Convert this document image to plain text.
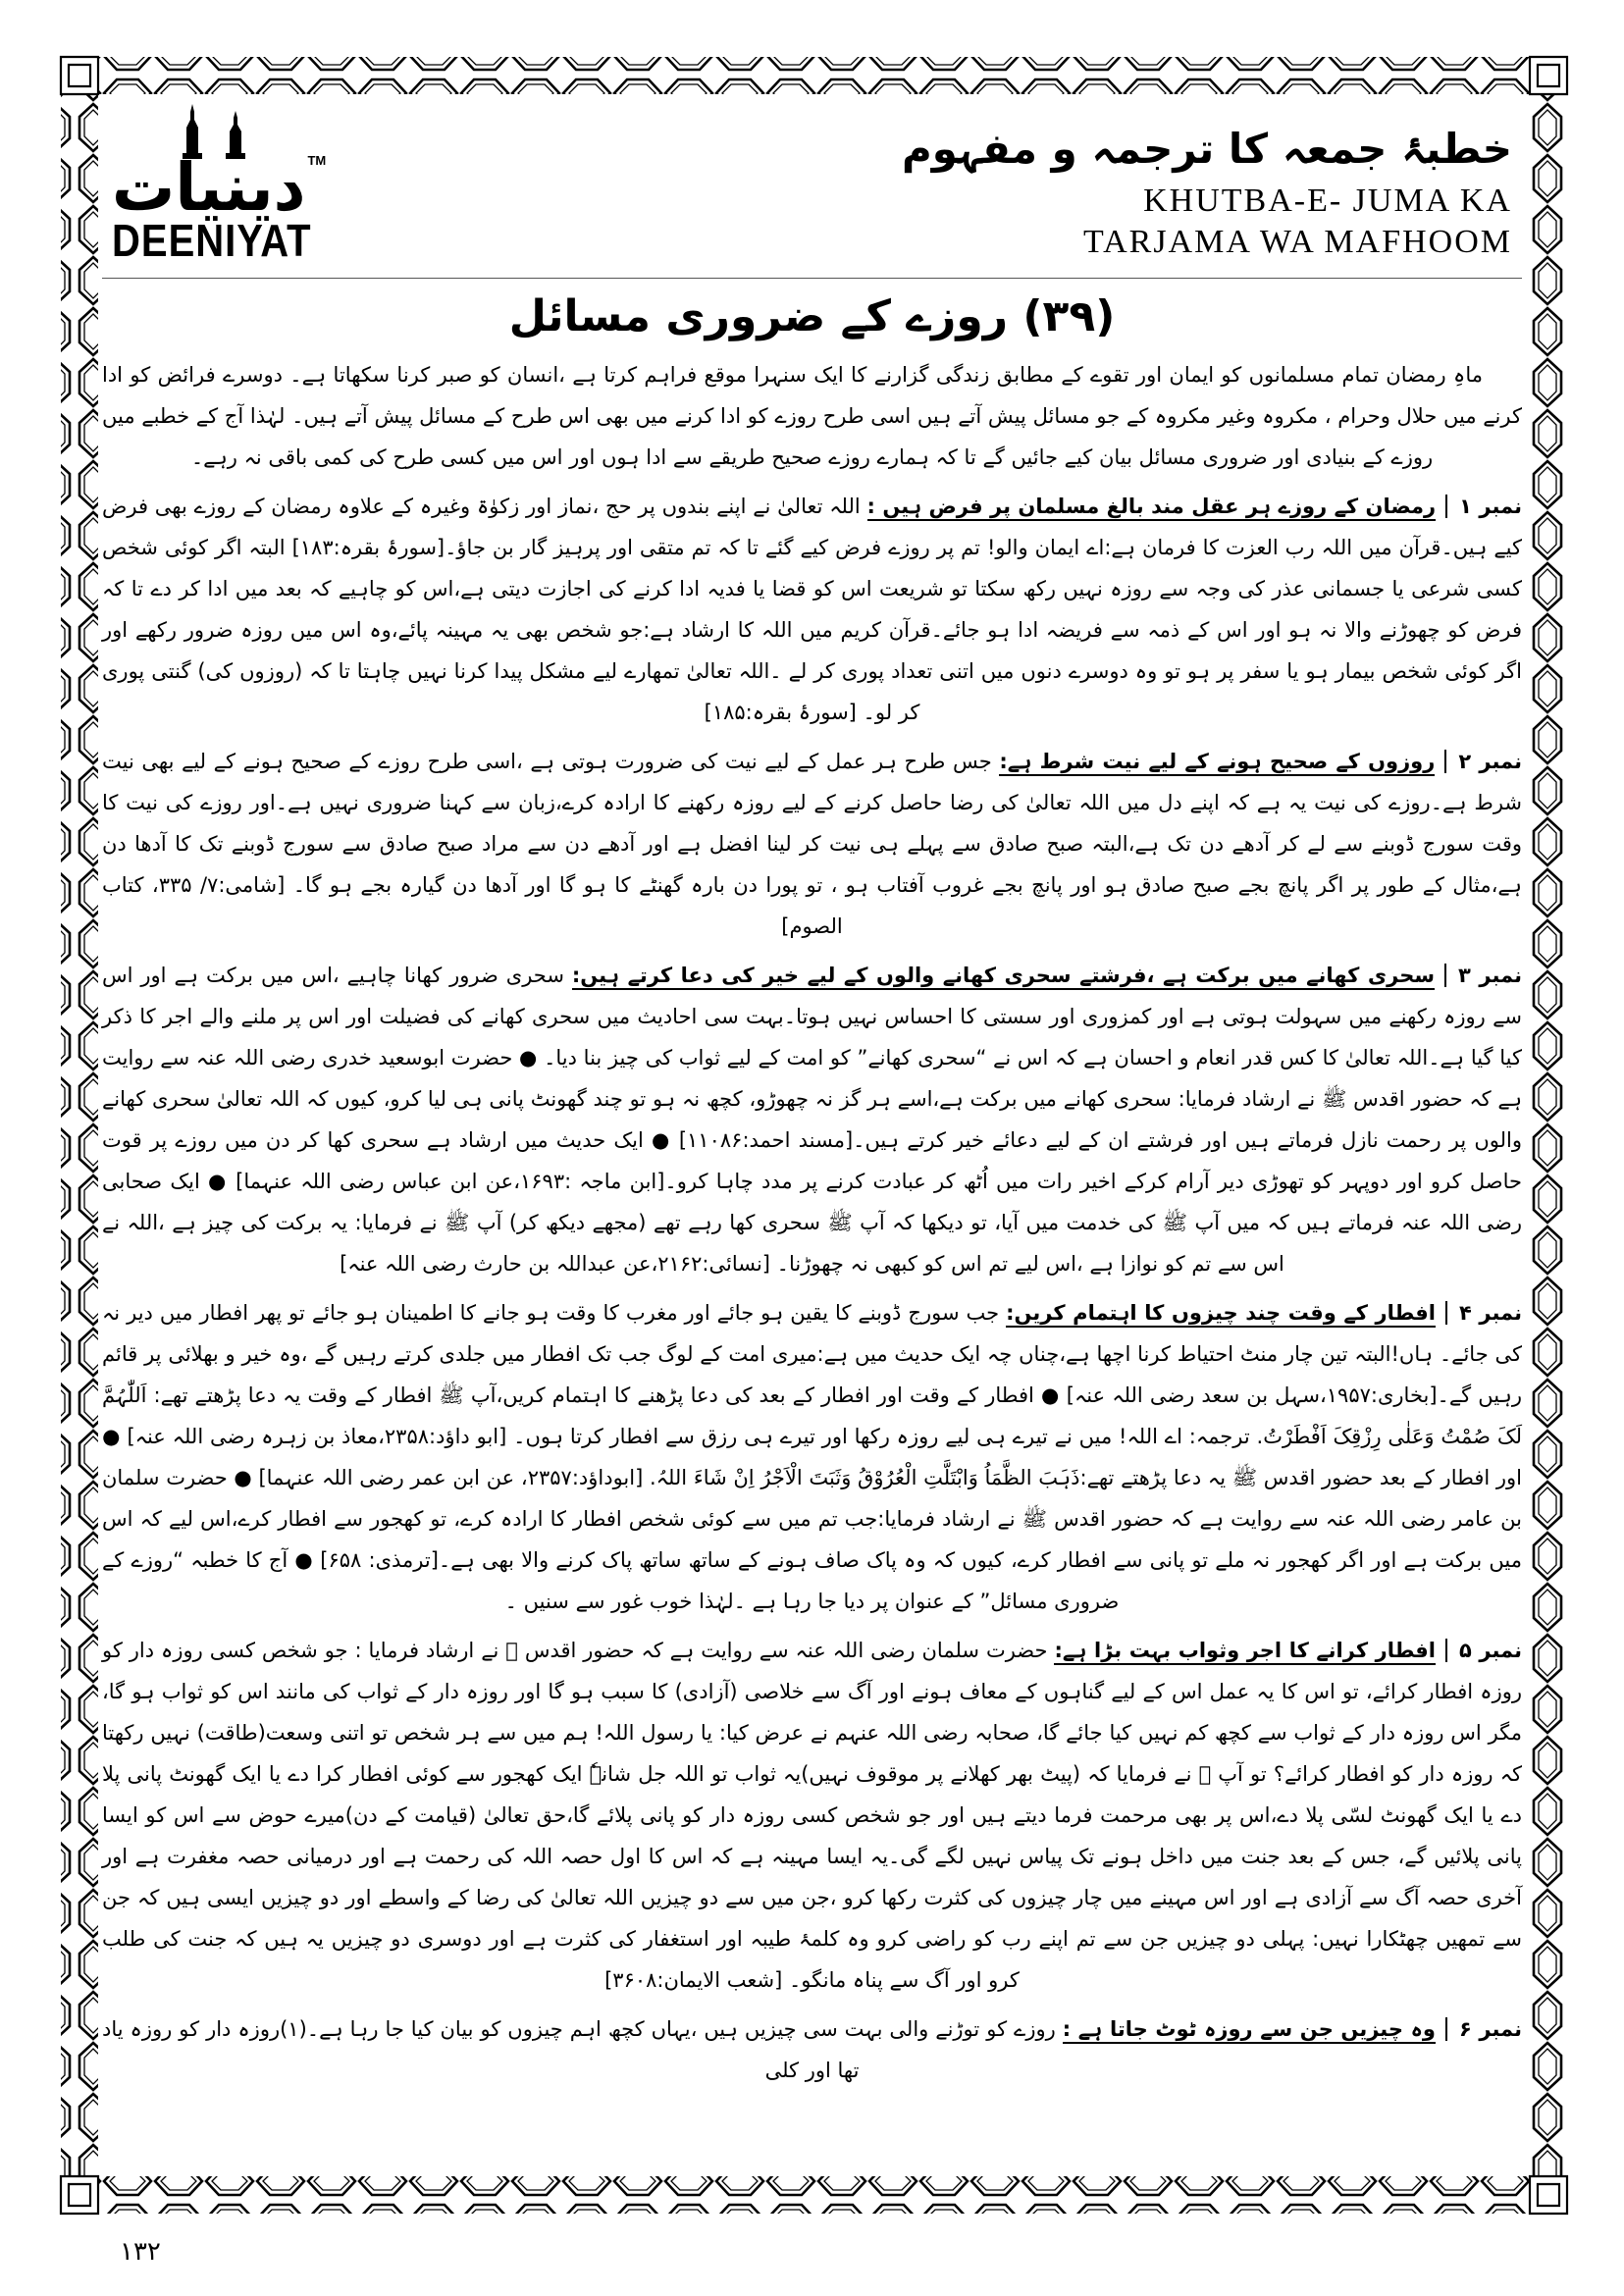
دینیات ™
DEENIYAT
خطبۂ جمعہ کا ترجمہ و مفہوم
KHUTBA-E- JUMA KA
TARJAMA WA MAFHOOM
(۳۹) روزے کے ضروری مسائل

ماہِ رمضان تمام مسلمانوں کو ایمان اور تقوے کے مطابق زندگی گزارنے کا ایک سنہرا موقع فراہم کرتا ہے ،انسان کو صبر کرنا سکھاتا ہے۔ دوسرے فرائض کو ادا کرنے میں حلال وحرام ، مکروہ وغیر مکروہ کے جو مسائل پیش آتے ہیں اسی طرح روزے کو ادا کرنے میں بھی اس طرح کے مسائل پیش آتے ہیں۔ لہٰذا آج کے خطبے میں روزے کے بنیادی اور ضروری مسائل بیان کیے جائیں گے تا کہ ہمارے روزے صحیح طریقے سے ادا ہوں اور اس میں کسی طرح کی کمی باقی نہ رہے۔

نمبر ۱رمضان کے روزے ہر عقل مند بالغ مسلمان پر فرض ہیں : اللہ تعالیٰ نے اپنے بندوں پر حج ،نماز اور زکوٰۃ وغیرہ کے علاوہ رمضان کے روزے بھی فرض کیے ہیں۔قرآن میں اللہ رب العزت کا فرمان ہے:اے ایمان والو! تم پر روزے فرض کیے گئے تا کہ تم متقی اور پرہیز گار بن جاؤ۔[سورۂ بقرہ:۱۸۳] البتہ اگر کوئی شخص کسی شرعی یا جسمانی عذر کی وجہ سے روزہ نہیں رکھ سکتا تو شریعت اس کو قضا یا فدیہ ادا کرنے کی اجازت دیتی ہے،اس کو چاہیے کہ بعد میں ادا کر دے تا کہ فرض کو چھوڑنے والا نہ ہو اور اس کے ذمہ سے فریضہ ادا ہو جائے۔قرآن کریم میں اللہ کا ارشاد ہے:جو شخص بھی یہ مہینہ پائے،وہ اس میں روزہ ضرور رکھے اور اگر کوئی شخص بیمار ہو یا سفر پر ہو تو وہ دوسرے دنوں میں اتنی تعداد پوری کر لے ۔اللہ تعالیٰ تمھارے لیے مشکل پیدا کرنا نہیں چاہتا تا کہ (روزوں کی) گنتی پوری کر لو۔ [سورۂ بقرہ:۱۸۵]

نمبر ۲روزوں کے صحیح ہونے کے لیے نیت شرط ہے: جس طرح ہر عمل کے لیے نیت کی ضرورت ہوتی ہے ،اسی طرح روزے کے صحیح ہونے کے لیے بھی نیت شرط ہے۔روزے کی نیت یہ ہے کہ اپنے دل میں اللہ تعالیٰ کی رضا حاصل کرنے کے لیے روزہ رکھنے کا ارادہ کرے،زبان سے کہنا ضروری نہیں ہے۔اور روزے کی نیت کا وقت سورج ڈوبنے سے لے کر آدھے دن تک ہے،البتہ صبح صادق سے پہلے ہی نیت کر لینا افضل ہے اور آدھے دن سے مراد صبح صادق سے سورج ڈوبنے تک کا آدھا دن ہے،مثال کے طور پر اگر پانچ بجے صبح صادق ہو اور پانچ بجے غروب آفتاب ہو ، تو پورا دن بارہ گھنٹے کا ہو گا اور آدھا دن گیارہ بجے ہو گا۔ [شامی:۷/ ۳۳۵، کتاب الصوم]

نمبر ۳سحری کھانے میں برکت ہے ،فرشتے سحری کھانے والوں کے لیے خیر کی دعا کرتے ہیں: سحری ضرور کھانا چاہیے ،اس میں برکت ہے اور اس سے روزہ رکھنے میں سہولت ہوتی ہے اور کمزوری اور سستی کا احساس نہیں ہوتا۔بہت سی احادیث میں سحری کھانے کی فضیلت اور اس پر ملنے والے اجر کا ذکر کیا گیا ہے۔اللہ تعالیٰ کا کس قدر انعام و احسان ہے کہ اس نے “سحری کھانے” کو امت کے لیے ثواب کی چیز بنا دیا۔ ● حضرت ابوسعید خدری رضی اللہ عنہ سے روایت ہے کہ حضور اقدس ﷺ نے ارشاد فرمایا: سحری کھانے میں برکت ہے،اسے ہر گز نہ چھوڑو، کچھ نہ ہو تو چند گھونٹ پانی ہی لیا کرو، کیوں کہ اللہ تعالیٰ سحری کھانے والوں پر رحمت نازل فرماتے ہیں اور فرشتے ان کے لیے دعائے خیر کرتے ہیں۔[مسند احمد:۱۱۰۸۶] ● ایک حدیث میں ارشاد ہے سحری کھا کر دن میں روزے پر قوت حاصل کرو اور دوپہر کو تھوڑی دیر آرام کرکے اخیر رات میں اُٹھ کر عبادت کرنے پر مدد چاہا کرو۔[ابن ماجہ :۱۶۹۳،عن ابن عباس رضی اللہ عنہما] ● ایک صحابی رضی اللہ عنہ فرماتے ہیں کہ میں آپ ﷺ کی خدمت میں آیا، تو دیکھا کہ آپ ﷺ سحری کھا رہے تھے (مجھے دیکھ کر) آپ ﷺ نے فرمایا: یہ برکت کی چیز ہے ،اللہ نے اس سے تم کو نوازا ہے ،اس لیے تم اس کو کبھی نہ چھوڑنا۔ [نسائی:۲۱۶۲،عن عبداللہ بن حارث رضی اللہ عنہ]

نمبر ۴افطار کے وقت چند چیزوں کا اہتمام کریں: جب سورج ڈوبنے کا یقین ہو جائے اور مغرب کا وقت ہو جانے کا اطمینان ہو جائے تو پھر افطار میں دیر نہ کی جائے۔ ہاں!البتہ تین چار منٹ احتیاط کرنا اچھا ہے،چناں چہ ایک حدیث میں ہے:میری امت کے لوگ جب تک افطار میں جلدی کرتے رہیں گے ،وہ خیر و بھلائی پر قائم رہیں گے۔[بخاری:۱۹۵۷،سہل بن سعد رضی اللہ عنہ] ● افطار کے وقت اور افطار کے بعد کی دعا پڑھنے کا اہتمام کریں،آپ ﷺ افطار کے وقت یہ دعا پڑھتے تھے: اَللّٰہُمَّ لَکَ صُمْتُ وَعَلٰی رِزْقِکَ اَفْطَرْتُ. ترجمہ: اے اللہ! میں نے تیرے ہی لیے روزہ رکھا اور تیرے ہی رزق سے افطار کرتا ہوں۔ [ابو داؤد:۲۳۵۸،معاذ بن زہرہ رضی اللہ عنہ] ● اور افطار کے بعد حضور اقدس ﷺ یہ دعا پڑھتے تھے:ذَہَبَ الظَّمَاُ وَابْتَلَّتِ الْعُرُوْقُ وَثَبَتَ الْاَجْرُ اِنْ شَاءَ اللہُ. [ابوداؤد:۲۳۵۷، عن ابن عمر رضی اللہ عنہما] ● حضرت سلمان بن عامر رضی اللہ عنہ سے روایت ہے کہ حضور اقدس ﷺ نے ارشاد فرمایا:جب تم میں سے کوئی شخص افطار کا ارادہ کرے، تو کھجور سے افطار کرے،اس لیے کہ اس میں برکت ہے اور اگر کھجور نہ ملے تو پانی سے افطار کرے، کیوں کہ وہ پاک صاف ہونے کے ساتھ ساتھ پاک کرنے والا بھی ہے۔[ترمذی: ۶۵۸] ● آج کا خطبہ “روزے کے ضروری مسائل” کے عنوان پر دیا جا رہا ہے ۔لہٰذا خوب غور سے سنیں ۔

نمبر ۵افطار کرانے کا اجر وثواب بہت بڑا ہے: حضرت سلمان رضی اللہ عنہ سے روایت ہے کہ حضور اقدس ﷺ نے ارشاد فرمایا : جو شخص کسی روزہ دار کو روزہ افطار کرائے، تو اس کا یہ عمل اس کے لیے گناہوں کے معاف ہونے اور آگ سے خلاصی (آزادی) کا سبب ہو گا اور روزہ دار کے ثواب کی مانند اس کو ثواب ہو گا، مگر اس روزہ دار کے ثواب سے کچھ کم نہیں کیا جائے گا، صحابہ رضی اللہ عنہم نے عرض کیا: یا رسول اللہ! ہم میں سے ہر شخص تو اتنی وسعت(طاقت) نہیں رکھتا کہ روزہ دار کو افطار کرائے؟ تو آپ ﷺ نے فرمایا کہ (پیٹ بھر کھلانے پر موقوف نہیں)یہ ثواب تو اللہ جل شانہٗ ایک کھجور سے کوئی افطار کرا دے یا ایک گھونٹ پانی پلا دے یا ایک گھونٹ لسّی پلا دے،اس پر بھی مرحمت فرما دیتے ہیں اور جو شخص کسی روزہ دار کو پانی پلائے گا،حق تعالیٰ (قیامت کے دن)میرے حوض سے اس کو ایسا پانی پلائیں گے، جس کے بعد جنت میں داخل ہونے تک پیاس نہیں لگے گی۔یہ ایسا مہینہ ہے کہ اس کا اول حصہ اللہ کی رحمت ہے اور درمیانی حصہ مغفرت ہے اور آخری حصہ آگ سے آزادی ہے اور اس مہینے میں چار چیزوں کی کثرت رکھا کرو ،جن میں سے دو چیزیں اللہ تعالیٰ کی رضا کے واسطے اور دو چیزیں ایسی ہیں کہ جن سے تمھیں چھٹکارا نہیں: پہلی دو چیزیں جن سے تم اپنے رب کو راضی کرو وہ کلمۂ طیبہ اور استغفار کی کثرت ہے اور دوسری دو چیزیں یہ ہیں کہ جنت کی طلب کرو اور آگ سے پناہ مانگو۔ [شعب الایمان:۳۶۰۸]

نمبر ۶وہ چیزیں جن سے روزہ ٹوٹ جاتا ہے : روزے کو توڑنے والی بہت سی چیزیں ہیں ،یہاں کچھ اہم چیزوں کو بیان کیا جا رہا ہے۔(۱)روزہ دار کو روزہ یاد تھا اور کلی

۱۳۲
